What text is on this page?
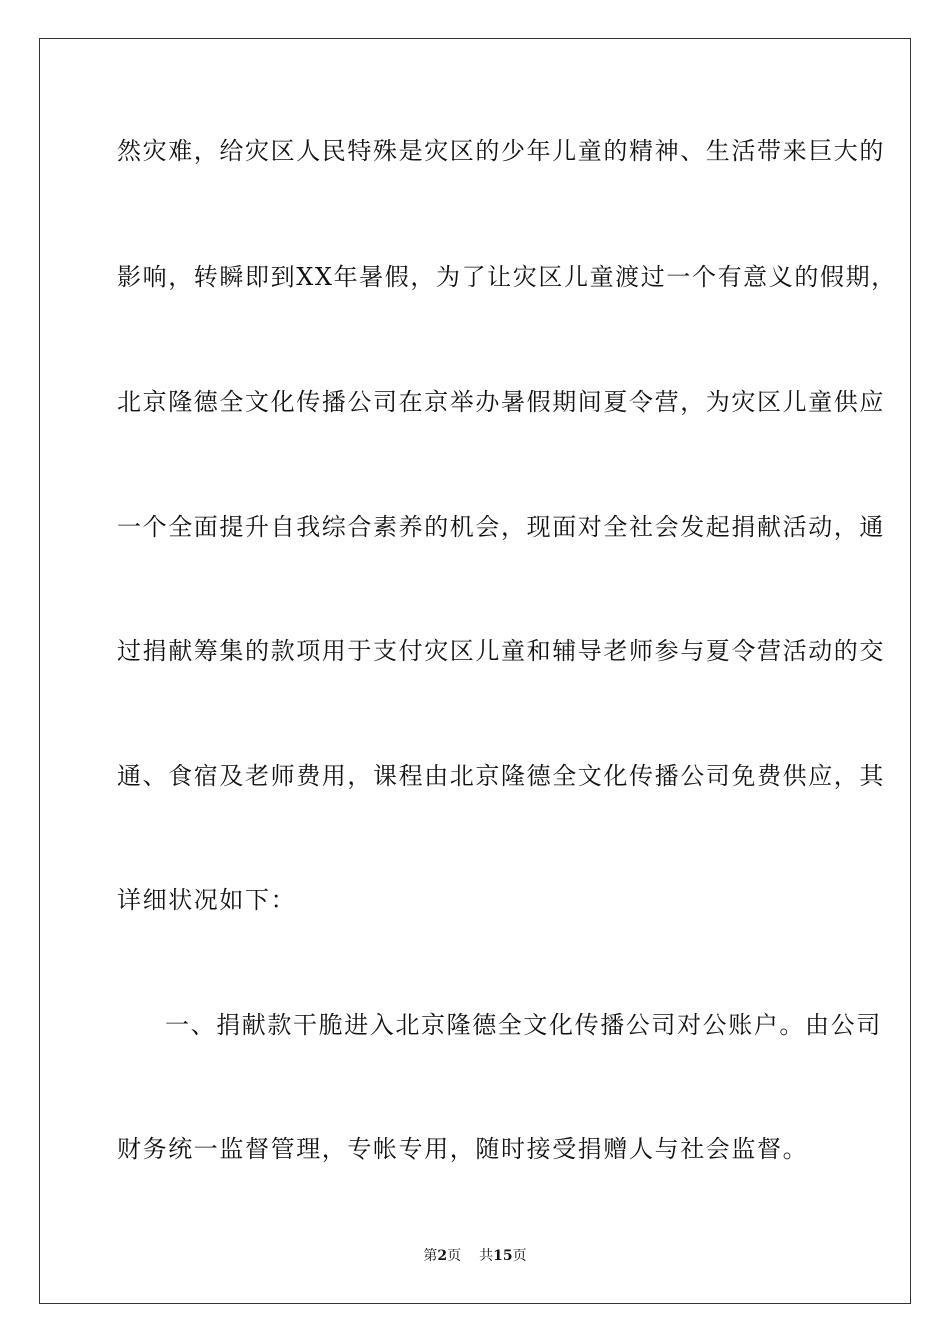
然灾难，给灾区人民特殊是灾区的少年儿童的精神、生活带来巨大的
影响，转瞬即到XX年暑假，为了让灾区儿童渡过一个有意义的假期，
北京隆德全文化传播公司在京举办暑假期间夏令营，为灾区儿童供应
一个全面提升自我综合素养的机会，现面对全社会发起捐献活动，通
过捐献筹集的款项用于支付灾区儿童和辅导老师参与夏令营活动的交
通、食宿及老师费用，课程由北京隆德全文化传播公司免费供应，其
详细状况如下：
一、捐献款干脆进入北京隆德全文化传播公司对公账户。由公司
财务统一监督管理，专帐专用，随时接受捐赠人与社会监督。
第2页 共15页
